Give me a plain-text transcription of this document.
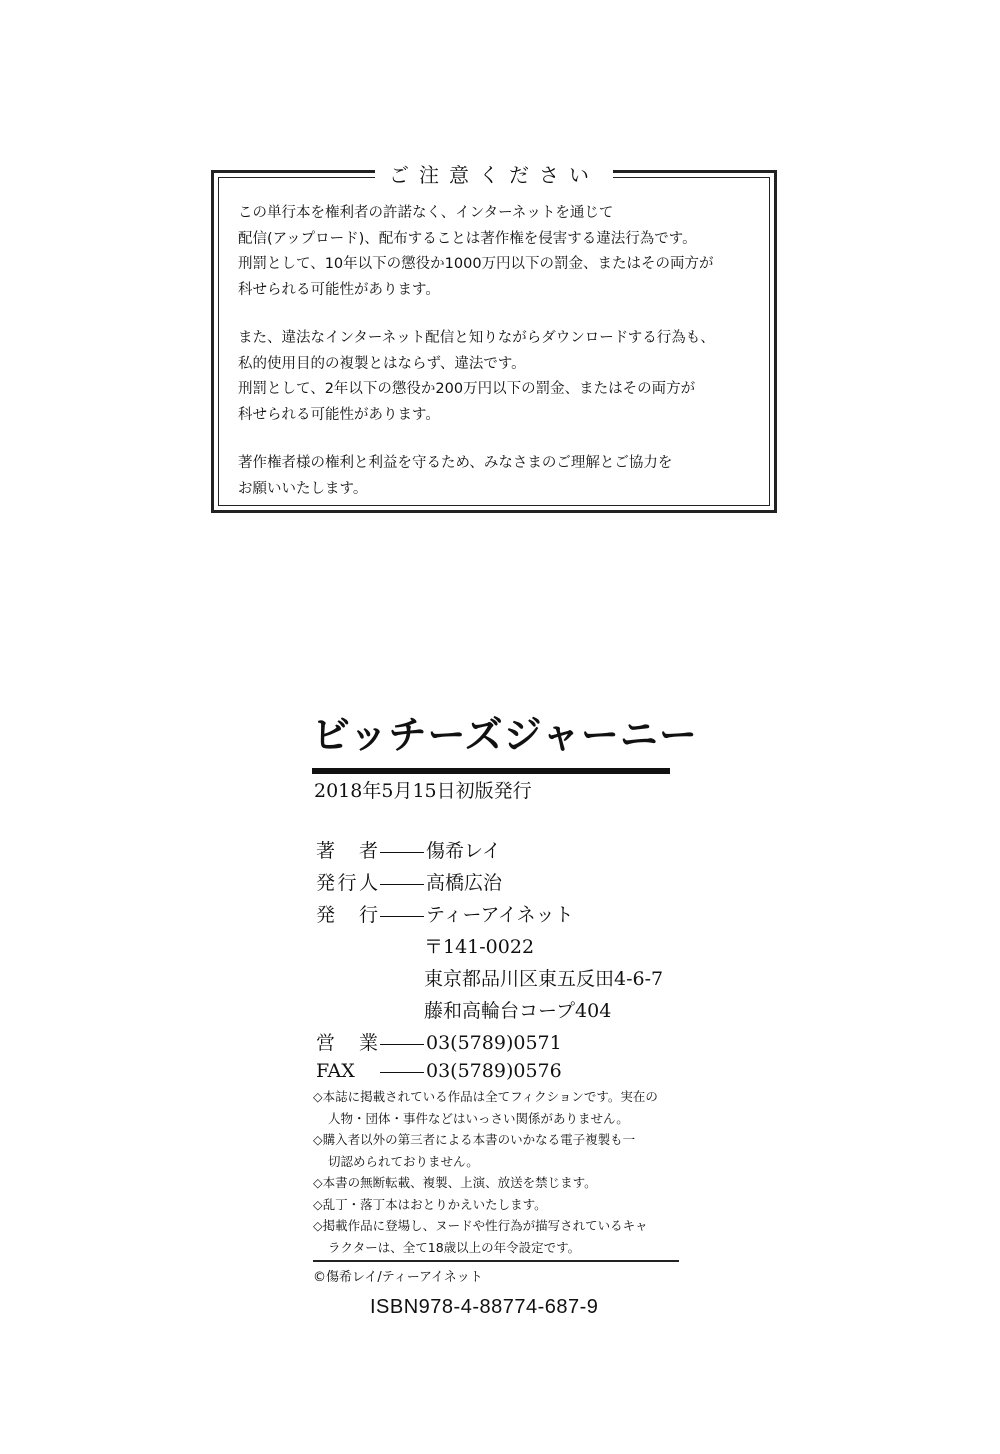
ご注意ください

この単行本を権利者の許諾なく、インターネットを通じて
配信(アップロード)、配布することは著作権を侵害する違法行為です。
刑罰として、10年以下の懲役か1000万円以下の罰金、またはその両方が
科せられる可能性があります。

また、違法なインターネット配信と知りながらダウンロードする行為も、
私的使用目的の複製とはならず、違法です。
刑罰として、2年以下の懲役か200万円以下の罰金、またはその両方が
科せられる可能性があります。

著作権者様の権利と利益を守るため、みなさまのご理解とご協力を
お願いいたします。

ビッチーズジャーニー
2018年5月15日初版発行
著者	傷希レイ
発行人	高橋広治
発行	ティーアイネット
〒141-0022
東京都品川区東五反田4-6-7
藤和高輪台コープ404
営業	03(5789)0571
FAX	03(5789)0576
◇本誌に掲載されている作品は全てフィクションです。実在の
人物・団体・事件などはいっさい関係がありません。
◇購入者以外の第三者による本書のいかなる電子複製も一
切認められておりません。
◇本書の無断転載、複製、上演、放送を禁じます。
◇乱丁・落丁本はおとりかえいたします。
◇掲載作品に登場し、ヌードや性行為が描写されているキャ
ラクターは、全て18歳以上の年令設定です。
©傷希レイ/ティーアイネット
ISBN978-4-88774-687-9
